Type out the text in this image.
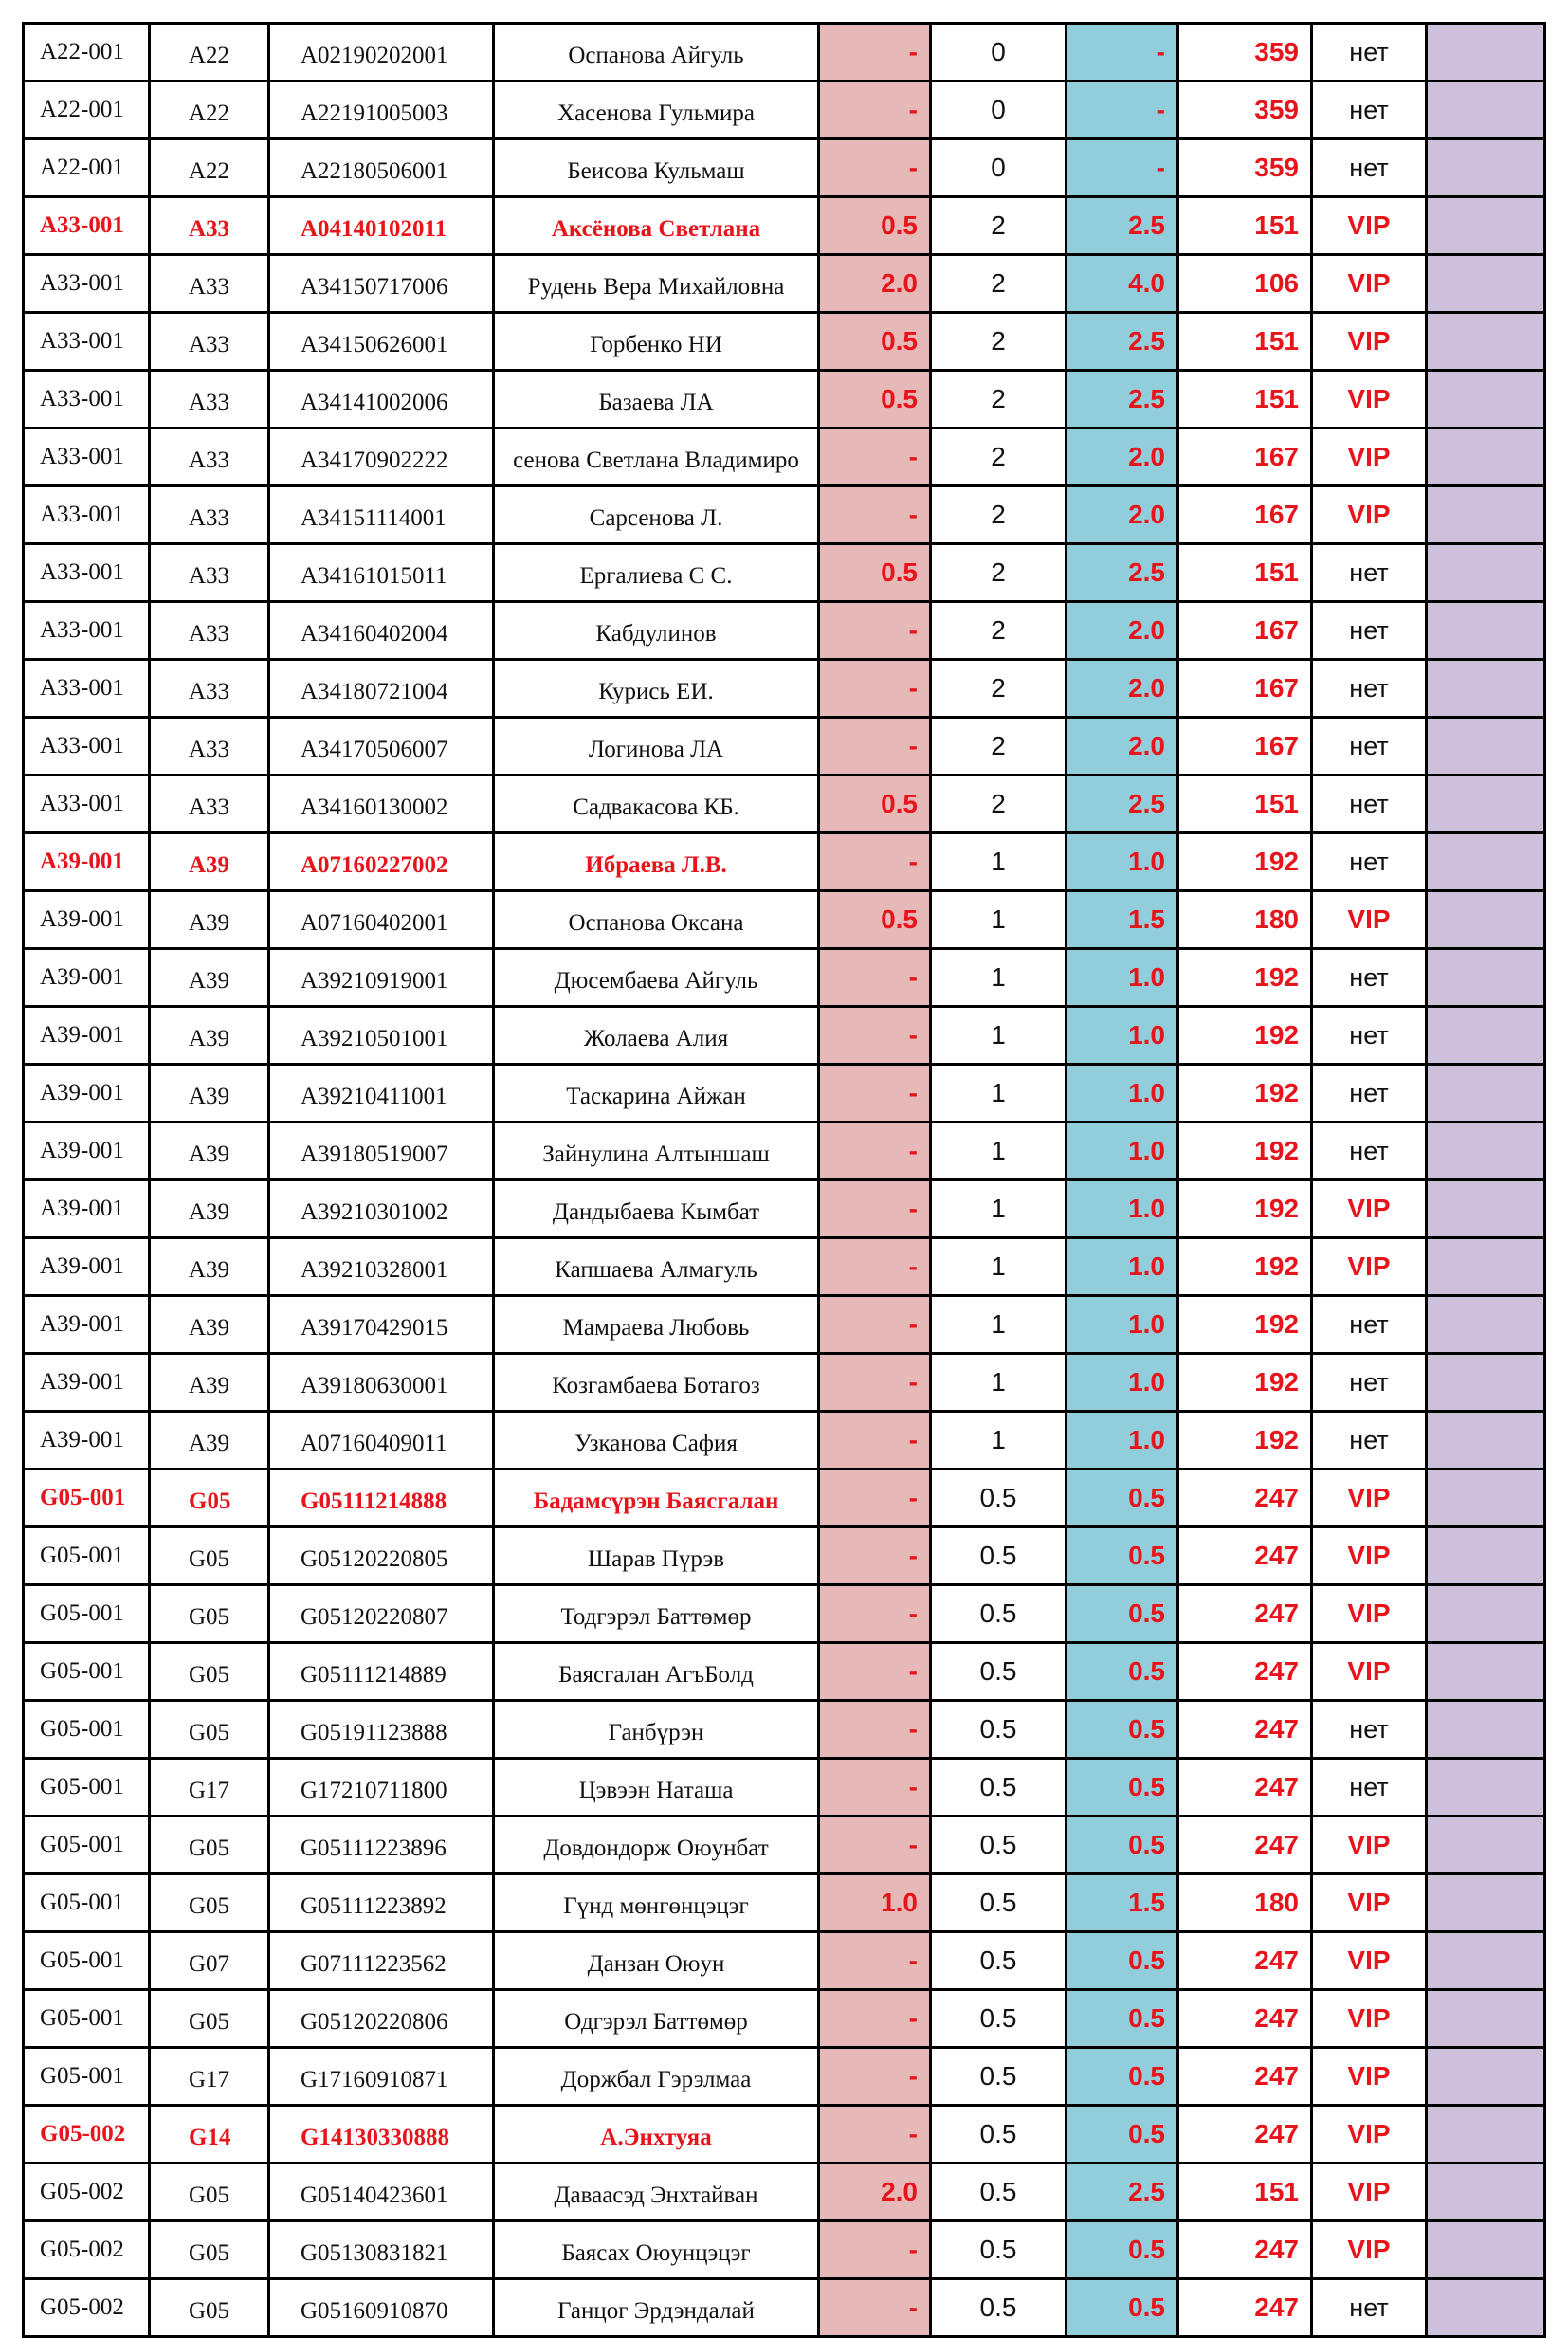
A22-001	A22	A02190202001	Оспанова Айгуль	-	0	-	359	нет	
A22-001	A22	A22191005003	Хасенова Гульмира	-	0	-	359	нет	
A22-001	A22	A22180506001	Беисова Кульмаш	-	0	-	359	нет	
A33-001	A33	A04140102011	Аксёнова Светлана	0.5	2	2.5	151	VIP	
A33-001	A33	A34150717006	Рудень Вера Михайловна	2.0	2	4.0	106	VIP	
A33-001	A33	A34150626001	Горбенко НИ	0.5	2	2.5	151	VIP	
A33-001	A33	A34141002006	Базаева ЛА	0.5	2	2.5	151	VIP	
A33-001	A33	A34170902222	сенова Светлана Владимиро	-	2	2.0	167	VIP	
A33-001	A33	A34151114001	Сарсенова Л.	-	2	2.0	167	VIP	
A33-001	A33	A34161015011	Ергалиева С С.	0.5	2	2.5	151	нет	
A33-001	A33	A34160402004	Кабдулинов	-	2	2.0	167	нет	
A33-001	A33	A34180721004	Курись ЕИ.	-	2	2.0	167	нет	
A33-001	A33	A34170506007	Логинова ЛА	-	2	2.0	167	нет	
A33-001	A33	A34160130002	Садвакасова КБ.	0.5	2	2.5	151	нет	
A39-001	A39	A07160227002	Ибраева Л.В.	-	1	1.0	192	нет	
A39-001	A39	A07160402001	Оспанова Оксана	0.5	1	1.5	180	VIP	
A39-001	A39	A39210919001	Дюсембаева Айгуль	-	1	1.0	192	нет	
A39-001	A39	A39210501001	Жолаева Алия	-	1	1.0	192	нет	
A39-001	A39	A39210411001	Таскарина Айжан	-	1	1.0	192	нет	
A39-001	A39	A39180519007	Зайнулина Алтыншаш	-	1	1.0	192	нет	
A39-001	A39	A39210301002	Дандыбаева Кымбат	-	1	1.0	192	VIP	
A39-001	A39	A39210328001	Капшаева Алмагуль	-	1	1.0	192	VIP	
A39-001	A39	A39170429015	Мамраева Любовь	-	1	1.0	192	нет	
A39-001	A39	A39180630001	Козгамбаева Ботагоз	-	1	1.0	192	нет	
A39-001	A39	A07160409011	Узканова Сафия	-	1	1.0	192	нет	
G05-001	G05	G05111214888	Бадамсүрэн Баясгалан	-	0.5	0.5	247	VIP	
G05-001	G05	G05120220805	Шарав Пүрэв	-	0.5	0.5	247	VIP	
G05-001	G05	G05120220807	Тодгэрэл Баттөмөр	-	0.5	0.5	247	VIP	
G05-001	G05	G05111214889	Баясгалан АгъБолд	-	0.5	0.5	247	VIP	
G05-001	G05	G05191123888	Ганбүрэн	-	0.5	0.5	247	нет	
G05-001	G17	G17210711800	Цэвээн Наташа	-	0.5	0.5	247	нет	
G05-001	G05	G05111223896	Довдондорж Оюунбат	-	0.5	0.5	247	VIP	
G05-001	G05	G05111223892	Гүнд мөнгөнцэцэг	1.0	0.5	1.5	180	VIP	
G05-001	G07	G07111223562	Данзан Оюун	-	0.5	0.5	247	VIP	
G05-001	G05	G05120220806	Одгэрэл Баттөмөр	-	0.5	0.5	247	VIP	
G05-001	G17	G17160910871	Доржбал Гэрэлмаа	-	0.5	0.5	247	VIP	
G05-002	G14	G14130330888	А.Энхтуяа	-	0.5	0.5	247	VIP	
G05-002	G05	G05140423601	Даваасэд Энхтайван	2.0	0.5	2.5	151	VIP	
G05-002	G05	G05130831821	Баясах Оюунцэцэг	-	0.5	0.5	247	VIP	
G05-002	G05	G05160910870	Ганцог Эрдэндалай	-	0.5	0.5	247	нет	
